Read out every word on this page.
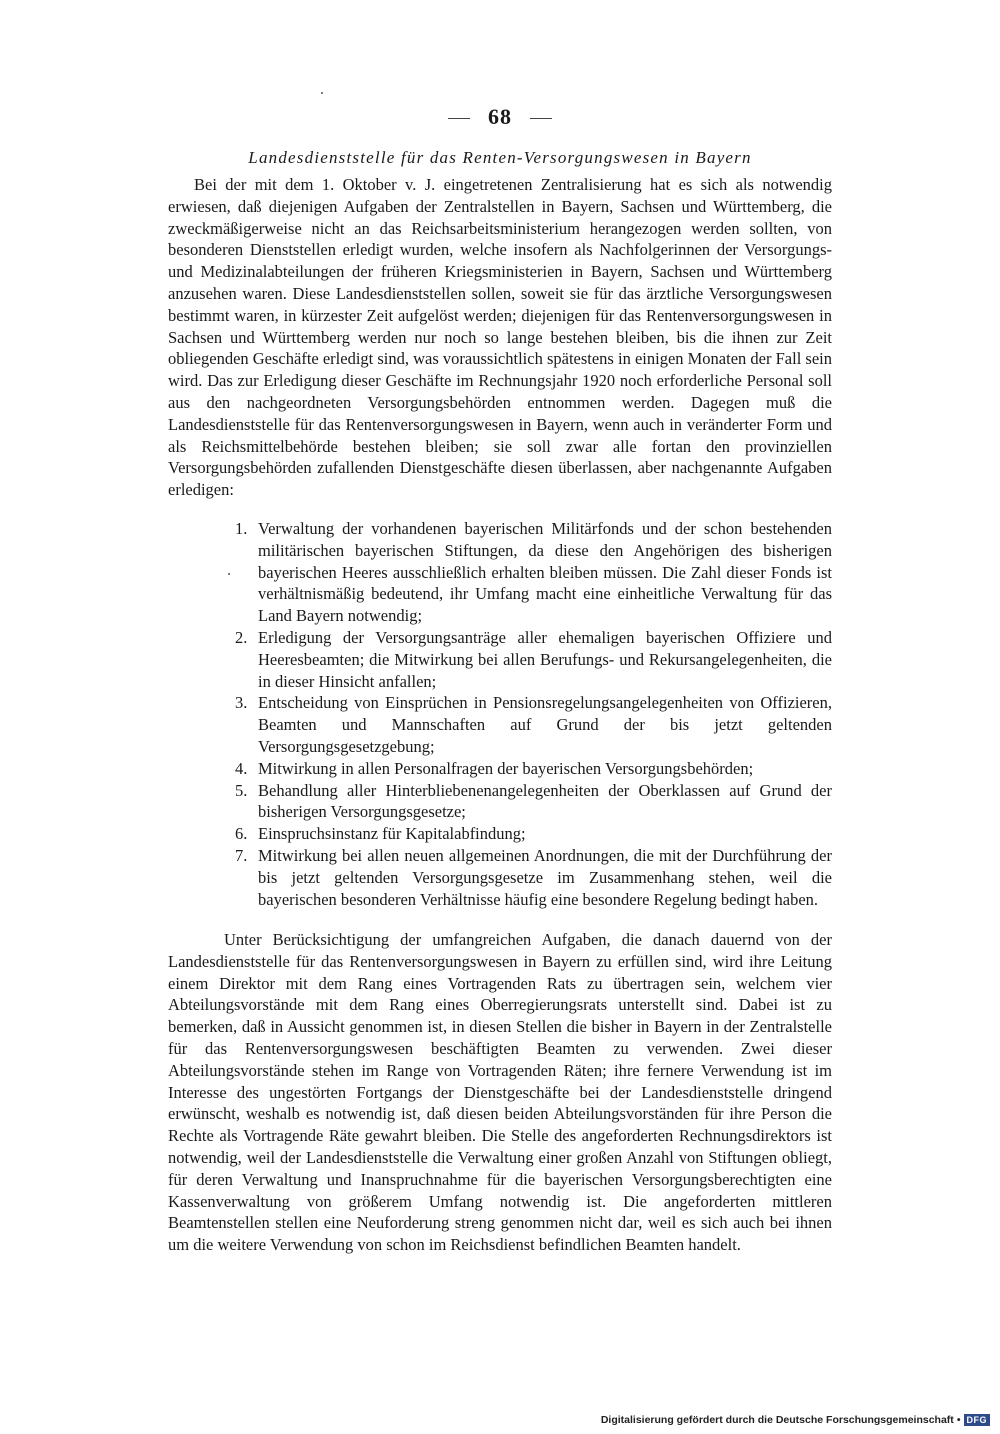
68
Landesdienststelle für das Renten-Versorgungswesen in Bayern
Bei der mit dem 1. Oktober v. J. eingetretenen Zentralisierung hat es sich als notwendig erwiesen, daß diejenigen Aufgaben der Zentralstellen in Bayern, Sachsen und Württemberg, die zweckmäßigerweise nicht an das Reichsarbeitsministerium herangezogen werden sollten, von besonderen Dienststellen erledigt wurden, welche insofern als Nachfolgerinnen der Versorgungs- und Medizinalabteilungen der früheren Kriegsministerien in Bayern, Sachsen und Württemberg anzusehen waren. Diese Landesdienststellen sollen, soweit sie für das ärztliche Versorgungswesen bestimmt waren, in kürzester Zeit aufgelöst werden; diejenigen für das Rentenversorgungswesen in Sachsen und Württemberg werden nur noch so lange bestehen bleiben, bis die ihnen zur Zeit obliegenden Geschäfte erledigt sind, was voraussichtlich spätestens in einigen Monaten der Fall sein wird. Das zur Erledigung dieser Geschäfte im Rechnungsjahr 1920 noch erforderliche Personal soll aus den nachgeordneten Versorgungsbehörden entnommen werden. Dagegen muß die Landesdienststelle für das Rentenversorgungswesen in Bayern, wenn auch in veränderter Form und als Reichsmittelbehörde bestehen bleiben; sie soll zwar alle fortan den provinziellen Versorgungsbehörden zufallenden Dienstgeschäfte diesen überlassen, aber nachgenannte Aufgaben erledigen:
1. Verwaltung der vorhandenen bayerischen Militärfonds und der schon bestehenden militärischen bayerischen Stiftungen, da diese den Angehörigen des bisherigen bayerischen Heeres ausschließlich erhalten bleiben müssen. Die Zahl dieser Fonds ist verhältnismäßig bedeutend, ihr Umfang macht eine einheitliche Verwaltung für das Land Bayern notwendig;
2. Erledigung der Versorgungsanträge aller ehemaligen bayerischen Offiziere und Heeresbeamten; die Mitwirkung bei allen Berufungs- und Rekursangelegenheiten, die in dieser Hinsicht anfallen;
3. Entscheidung von Einsprüchen in Pensionsregelungsangelegenheiten von Offizieren, Beamten und Mannschaften auf Grund der bis jetzt geltenden Versorgungsgesetzgebung;
4. Mitwirkung in allen Personalfragen der bayerischen Versorgungsbehörden;
5. Behandlung aller Hinterbliebenenangelegenheiten der Oberklassen auf Grund der bisherigen Versorgungsgesetze;
6. Einspruchsinstanz für Kapitalabfindung;
7. Mitwirkung bei allen neuen allgemeinen Anordnungen, die mit der Durchführung der bis jetzt geltenden Versorgungsgesetze im Zusammenhang stehen, weil die bayerischen besonderen Verhältnisse häufig eine besondere Regelung bedingt haben.
Unter Berücksichtigung der umfangreichen Aufgaben, die danach dauernd von der Landesdienststelle für das Rentenversorgungswesen in Bayern zu erfüllen sind, wird ihre Leitung einem Direktor mit dem Rang eines Vortragenden Rats zu übertragen sein, welchem vier Abteilungsvorstände mit dem Rang eines Oberregierungsrats unterstellt sind. Dabei ist zu bemerken, daß in Aussicht genommen ist, in diesen Stellen die bisher in Bayern in der Zentralstelle für das Rentenversorgungswesen beschäftigten Beamten zu verwenden. Zwei dieser Abteilungsvorstände stehen im Range von Vortragenden Räten; ihre fernere Verwendung ist im Interesse des ungestörten Fortgangs der Dienstgeschäfte bei der Landesdienststelle dringend erwünscht, weshalb es notwendig ist, daß diesen beiden Abteilungsvorständen für ihre Person die Rechte als Vortragende Räte gewahrt bleiben. Die Stelle des angeforderten Rechnungsdirektors ist notwendig, weil der Landesdienststelle die Verwaltung einer großen Anzahl von Stiftungen obliegt, für deren Verwaltung und Inanspruchnahme für die bayerischen Versorgungsberechtigten eine Kassenverwaltung von größerem Umfang notwendig ist. Die angeforderten mittleren Beamtenstellen stellen eine Neuforderung streng genommen nicht dar, weil es sich auch bei ihnen um die weitere Verwendung von schon im Reichsdienst befindlichen Beamten handelt.
Digitalisierung gefördert durch die Deutsche Forschungsgemeinschaft • DFG
